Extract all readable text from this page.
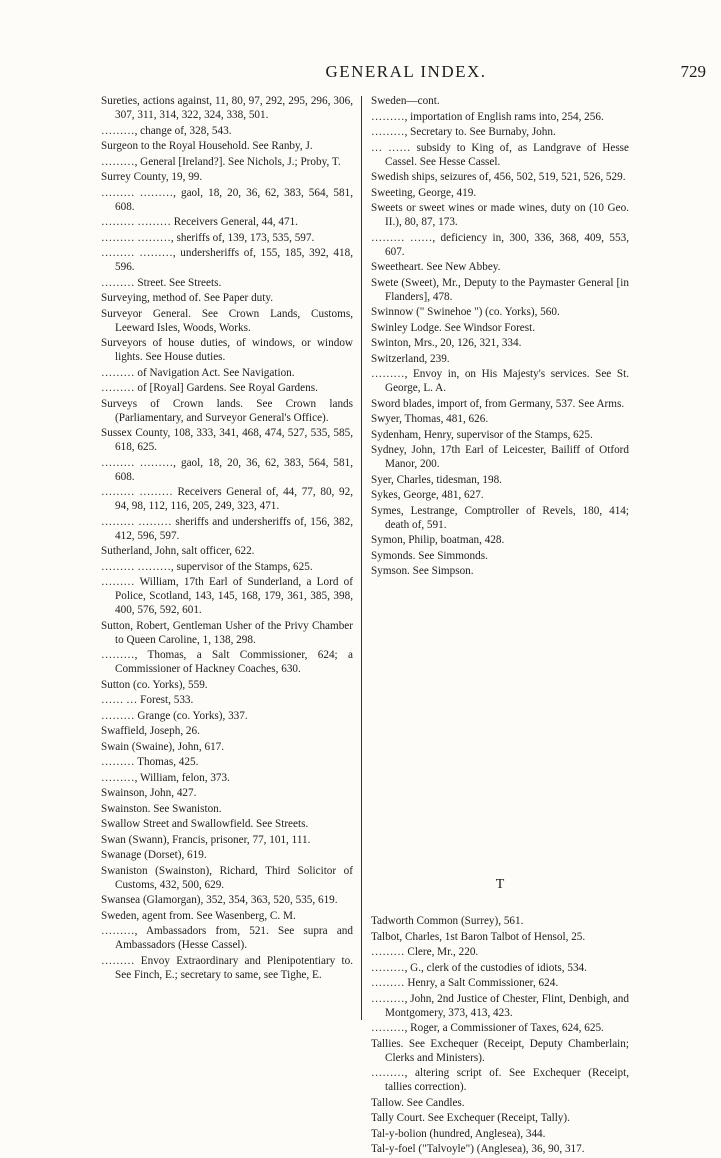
GENERAL INDEX.	729
Sureties, actions against, 11, 80, 97, 292, 295, 296, 306, 307, 311, 314, 322, 324, 338, 501.
………, change of, 328, 543.
Surgeon to the Royal Household. See Ranby, J.
………, General [Ireland?]. See Nichols, J.; Proby, T.
Surrey County, 19, 99.
……… ………, gaol, 18, 20, 36, 62, 383, 564, 581, 608.
……… ……… Receivers General, 44, 471.
……… ………, sheriffs of, 139, 173, 535, 597.
……… ………, undersheriffs of, 155, 185, 392, 418, 596.
……… Street. See Streets.
Surveying, method of. See Paper duty.
Surveyor General. See Crown Lands, Customs, Leeward Isles, Woods, Works.
Surveyors of house duties, of windows, or window lights. See House duties.
……… of Navigation Act. See Navigation.
……… of [Royal] Gardens. See Royal Gardens.
Surveys of Crown lands. See Crown lands (Parliamentary, and Surveyor General's Office).
Sussex County, 108, 333, 341, 468, 474, 527, 535, 585, 618, 625.
……… ………, gaol, 18, 20, 36, 62, 383, 564, 581, 608.
……… ……… Receivers General of, 44, 77, 80, 92, 94, 98, 112, 116, 205, 249, 323, 471.
……… ……… sheriffs and undersheriffs of, 156, 382, 412, 596, 597.
Sutherland, John, salt officer, 622.
……… ………, supervisor of the Stamps, 625.
……… William, 17th Earl of Sunderland, a Lord of Police, Scotland, 143, 145, 168, 179, 361, 385, 398, 400, 576, 592, 601.
Sutton, Robert, Gentleman Usher of the Privy Chamber to Queen Caroline, 1, 138, 298.
………, Thomas, a Salt Commissioner, 624; a Commissioner of Hackney Coaches, 630.
Sutton (co. Yorks), 559.
…… … Forest, 533.
……… Grange (co. Yorks), 337.
Swaffield, Joseph, 26.
Swain (Swaine), John, 617.
……… Thomas, 425.
………, William, felon, 373.
Swainson, John, 427.
Swainston. See Swaniston.
Swallow Street and Swallowfield. See Streets.
Swan (Swann), Francis, prisoner, 77, 101, 111.
Swanage (Dorset), 619.
Swaniston (Swainston), Richard, Third Solicitor of Customs, 432, 500, 629.
Swansea (Glamorgan), 352, 354, 363, 520, 535, 619.
Sweden, agent from. See Wasenberg, C. M.
………, Ambassadors from, 521. See supra and Ambassadors (Hesse Cassel).
……… Envoy Extraordinary and Plenipotentiary to. See Finch, E.; secretary to same, see Tighe, E.
Sweden—cont.
………, importation of English rams into, 254, 256.
………, Secretary to. See Burnaby, John.
… …… subsidy to King of, as Landgrave of Hesse Cassel. See Hesse Cassel.
Swedish ships, seizures of, 456, 502, 519, 521, 526, 529.
Sweeting, George, 419.
Sweets or sweet wines or made wines, duty on (10 Geo. II.), 80, 87, 173.
……… ……, deficiency in, 300, 336, 368, 409, 553, 607.
Sweetheart. See New Abbey.
Swete (Sweet), Mr., Deputy to the Paymaster General [in Flanders], 478.
Swinnow (" Swinehoe ") (co. Yorks), 560.
Swinley Lodge. See Windsor Forest.
Swinton, Mrs., 20, 126, 321, 334.
Switzerland, 239.
………, Envoy in, on His Majesty's services. See St. George, L. A.
Sword blades, import of, from Germany, 537. See Arms.
Swyer, Thomas, 481, 626.
Sydenham, Henry, supervisor of the Stamps, 625.
Sydney, John, 17th Earl of Leicester, Bailiff of Otford Manor, 200.
Syer, Charles, tidesman, 198.
Sykes, George, 481, 627.
Symes, Lestrange, Comptroller of Revels, 180, 414; death of, 591.
Symon, Philip, boatman, 428.
Symonds. See Simmonds.
Symson. See Simpson.
T
Tadworth Common (Surrey), 561.
Talbot, Charles, 1st Baron Talbot of Hensol, 25.
……… Clere, Mr., 220.
………, G., clerk of the custodies of idiots, 534.
……… Henry, a Salt Commissioner, 624.
………, John, 2nd Justice of Chester, Flint, Denbigh, and Montgomery, 373, 413, 423.
………, Roger, a Commissioner of Taxes, 624, 625.
Tallies. See Exchequer (Receipt, Deputy Chamberlain; Clerks and Ministers).
………, altering script of. See Exchequer (Receipt, tallies correction).
Tallow. See Candles.
Tally Court. See Exchequer (Receipt, Tally).
Tal-y-bolion (hundred, Anglesea), 344.
Tal-y-foel ("Talvoyle") (Anglesea), 36, 90, 317.
